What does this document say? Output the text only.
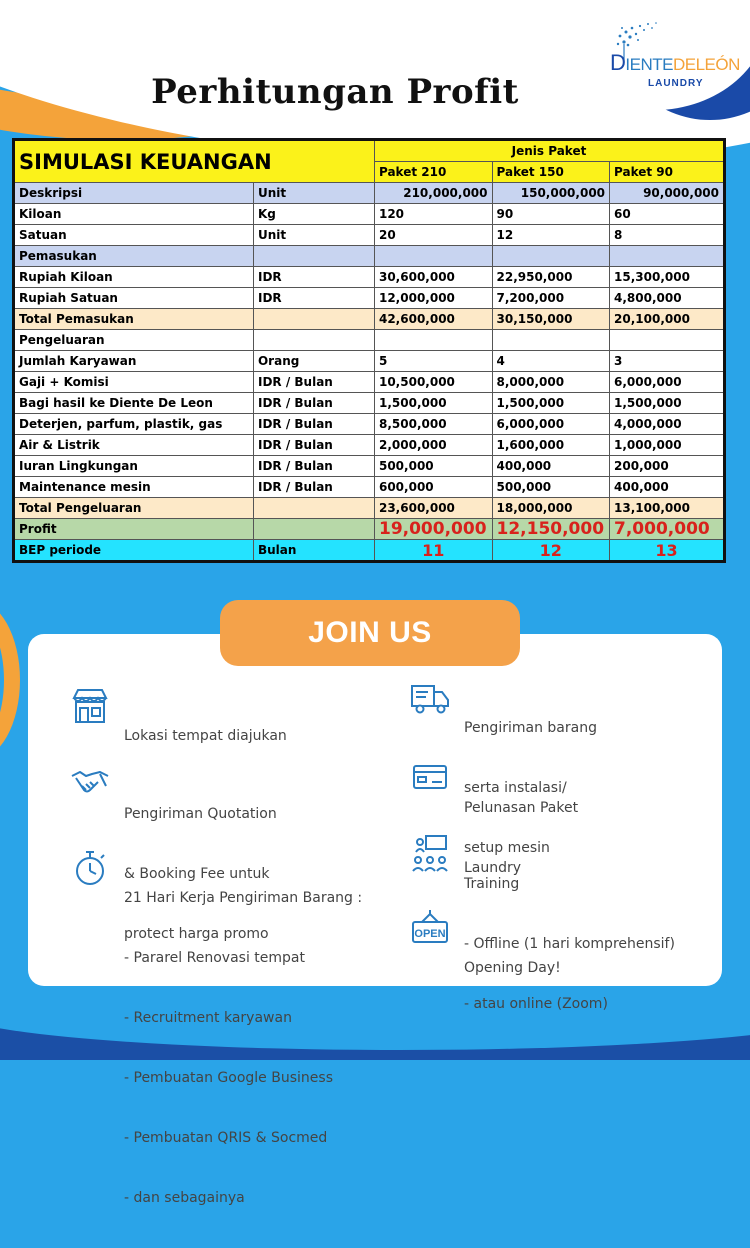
DIENTEDELEÓN
LAUNDRY
Perhitungan Profit
SIMULASI KEUANGAN		Jenis Paket		
		Paket 210	Paket 150	Paket 90
Deskripsi	Unit	210,000,000	150,000,000	90,000,000
Kiloan	Kg	120	90	60
Satuan	Unit	20	12	8
Pemasukan				
Rupiah Kiloan	IDR	30,600,000	22,950,000	15,300,000
Rupiah Satuan	IDR	12,000,000	7,200,000	4,800,000
Total Pemasukan		42,600,000	30,150,000	20,100,000
Pengeluaran				
Jumlah Karyawan	Orang	5	4	3
Gaji + Komisi	IDR / Bulan	10,500,000	8,000,000	6,000,000
Bagi hasil ke Diente De Leon	IDR / Bulan	1,500,000	1,500,000	1,500,000
Deterjen, parfum, plastik, gas	IDR / Bulan	8,500,000	6,000,000	4,000,000
Air & Listrik	IDR / Bulan	2,000,000	1,600,000	1,000,000
Iuran Lingkungan	IDR / Bulan	500,000	400,000	200,000
Maintenance mesin	IDR / Bulan	600,000	500,000	400,000
Total Pengeluaran		23,600,000	18,000,000	13,100,000
Profit		19,000,000	12,150,000	7,000,000
BEP periode	Bulan	11	12	13
JOIN US

Lokasi tempat diajukan

Pengiriman Quotation

& Booking Fee untuk

protect harga promo

21 Hari Kerja Pengiriman Barang :

- Pararel Renovasi tempat

- Recruitment karyawan

- Pembuatan Google Business

- Pembuatan QRIS & Socmed

- dan sebagainya

Pengiriman barang

serta instalasi/

setup mesin

Pelunasan Paket

Laundry

Training

- Offline (1 hari komprehensif)

- atau online (Zoom)

OPEN

Opening Day!
